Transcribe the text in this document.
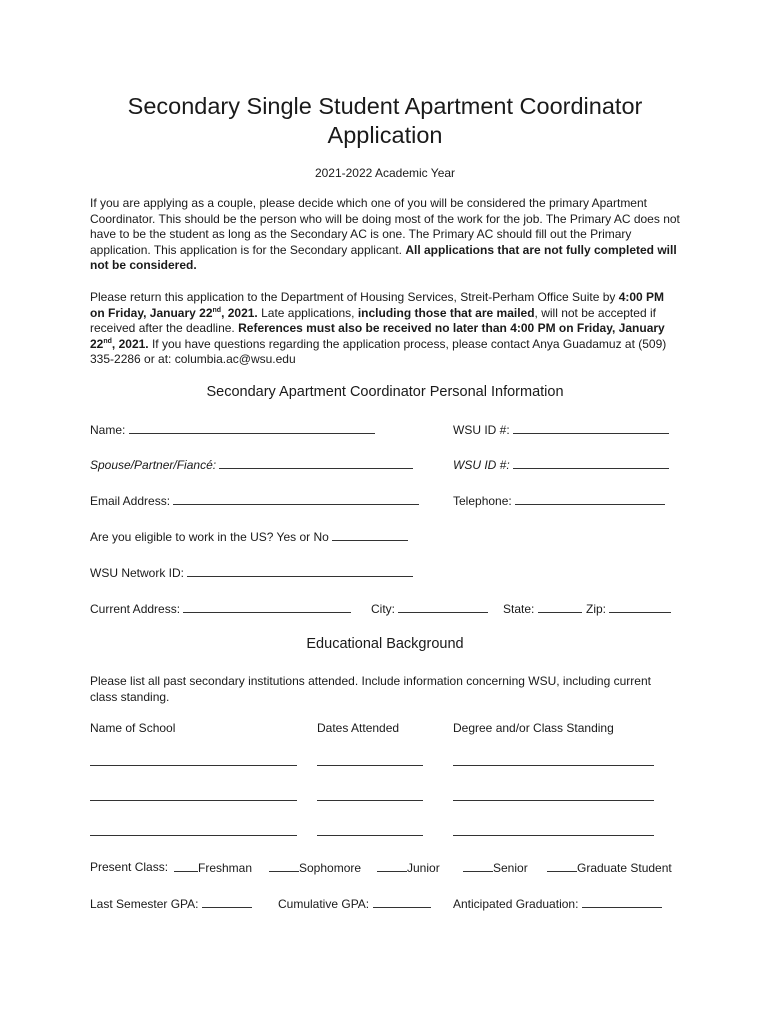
Secondary Single Student Apartment Coordinator Application
2021-2022 Academic Year
If you are applying as a couple, please decide which one of you will be considered the primary Apartment Coordinator. This should be the person who will be doing most of the work for the job. The Primary AC does not have to be the student as long as the Secondary AC is one. The Primary AC should fill out the Primary application. This application is for the Secondary applicant. All applications that are not fully completed will not be considered.
Please return this application to the Department of Housing Services, Streit-Perham Office Suite by 4:00 PM on Friday, January 22nd, 2021. Late applications, including those that are mailed, will not be accepted if received after the deadline. References must also be received no later than 4:00 PM on Friday, January 22nd, 2021. If you have questions regarding the application process, please contact Anya Guadamuz at (509) 335-2286 or at: columbia.ac@wsu.edu
Secondary Apartment Coordinator Personal Information
Name:	WSU ID #:
Spouse/Partner/Fiancé:	WSU ID #:
Email Address:	Telephone:
Are you eligible to work in the US? Yes or No
WSU Network ID:
Current Address:	City:	State:	Zip:
Educational Background
Please list all past secondary institutions attended. Include information concerning WSU, including current class standing.
Name of School	Dates Attended	Degree and/or Class Standing
Present Class:	Freshman	Sophomore	Junior	Senior	Graduate Student
Last Semester GPA:	Cumulative GPA:	Anticipated Graduation:
